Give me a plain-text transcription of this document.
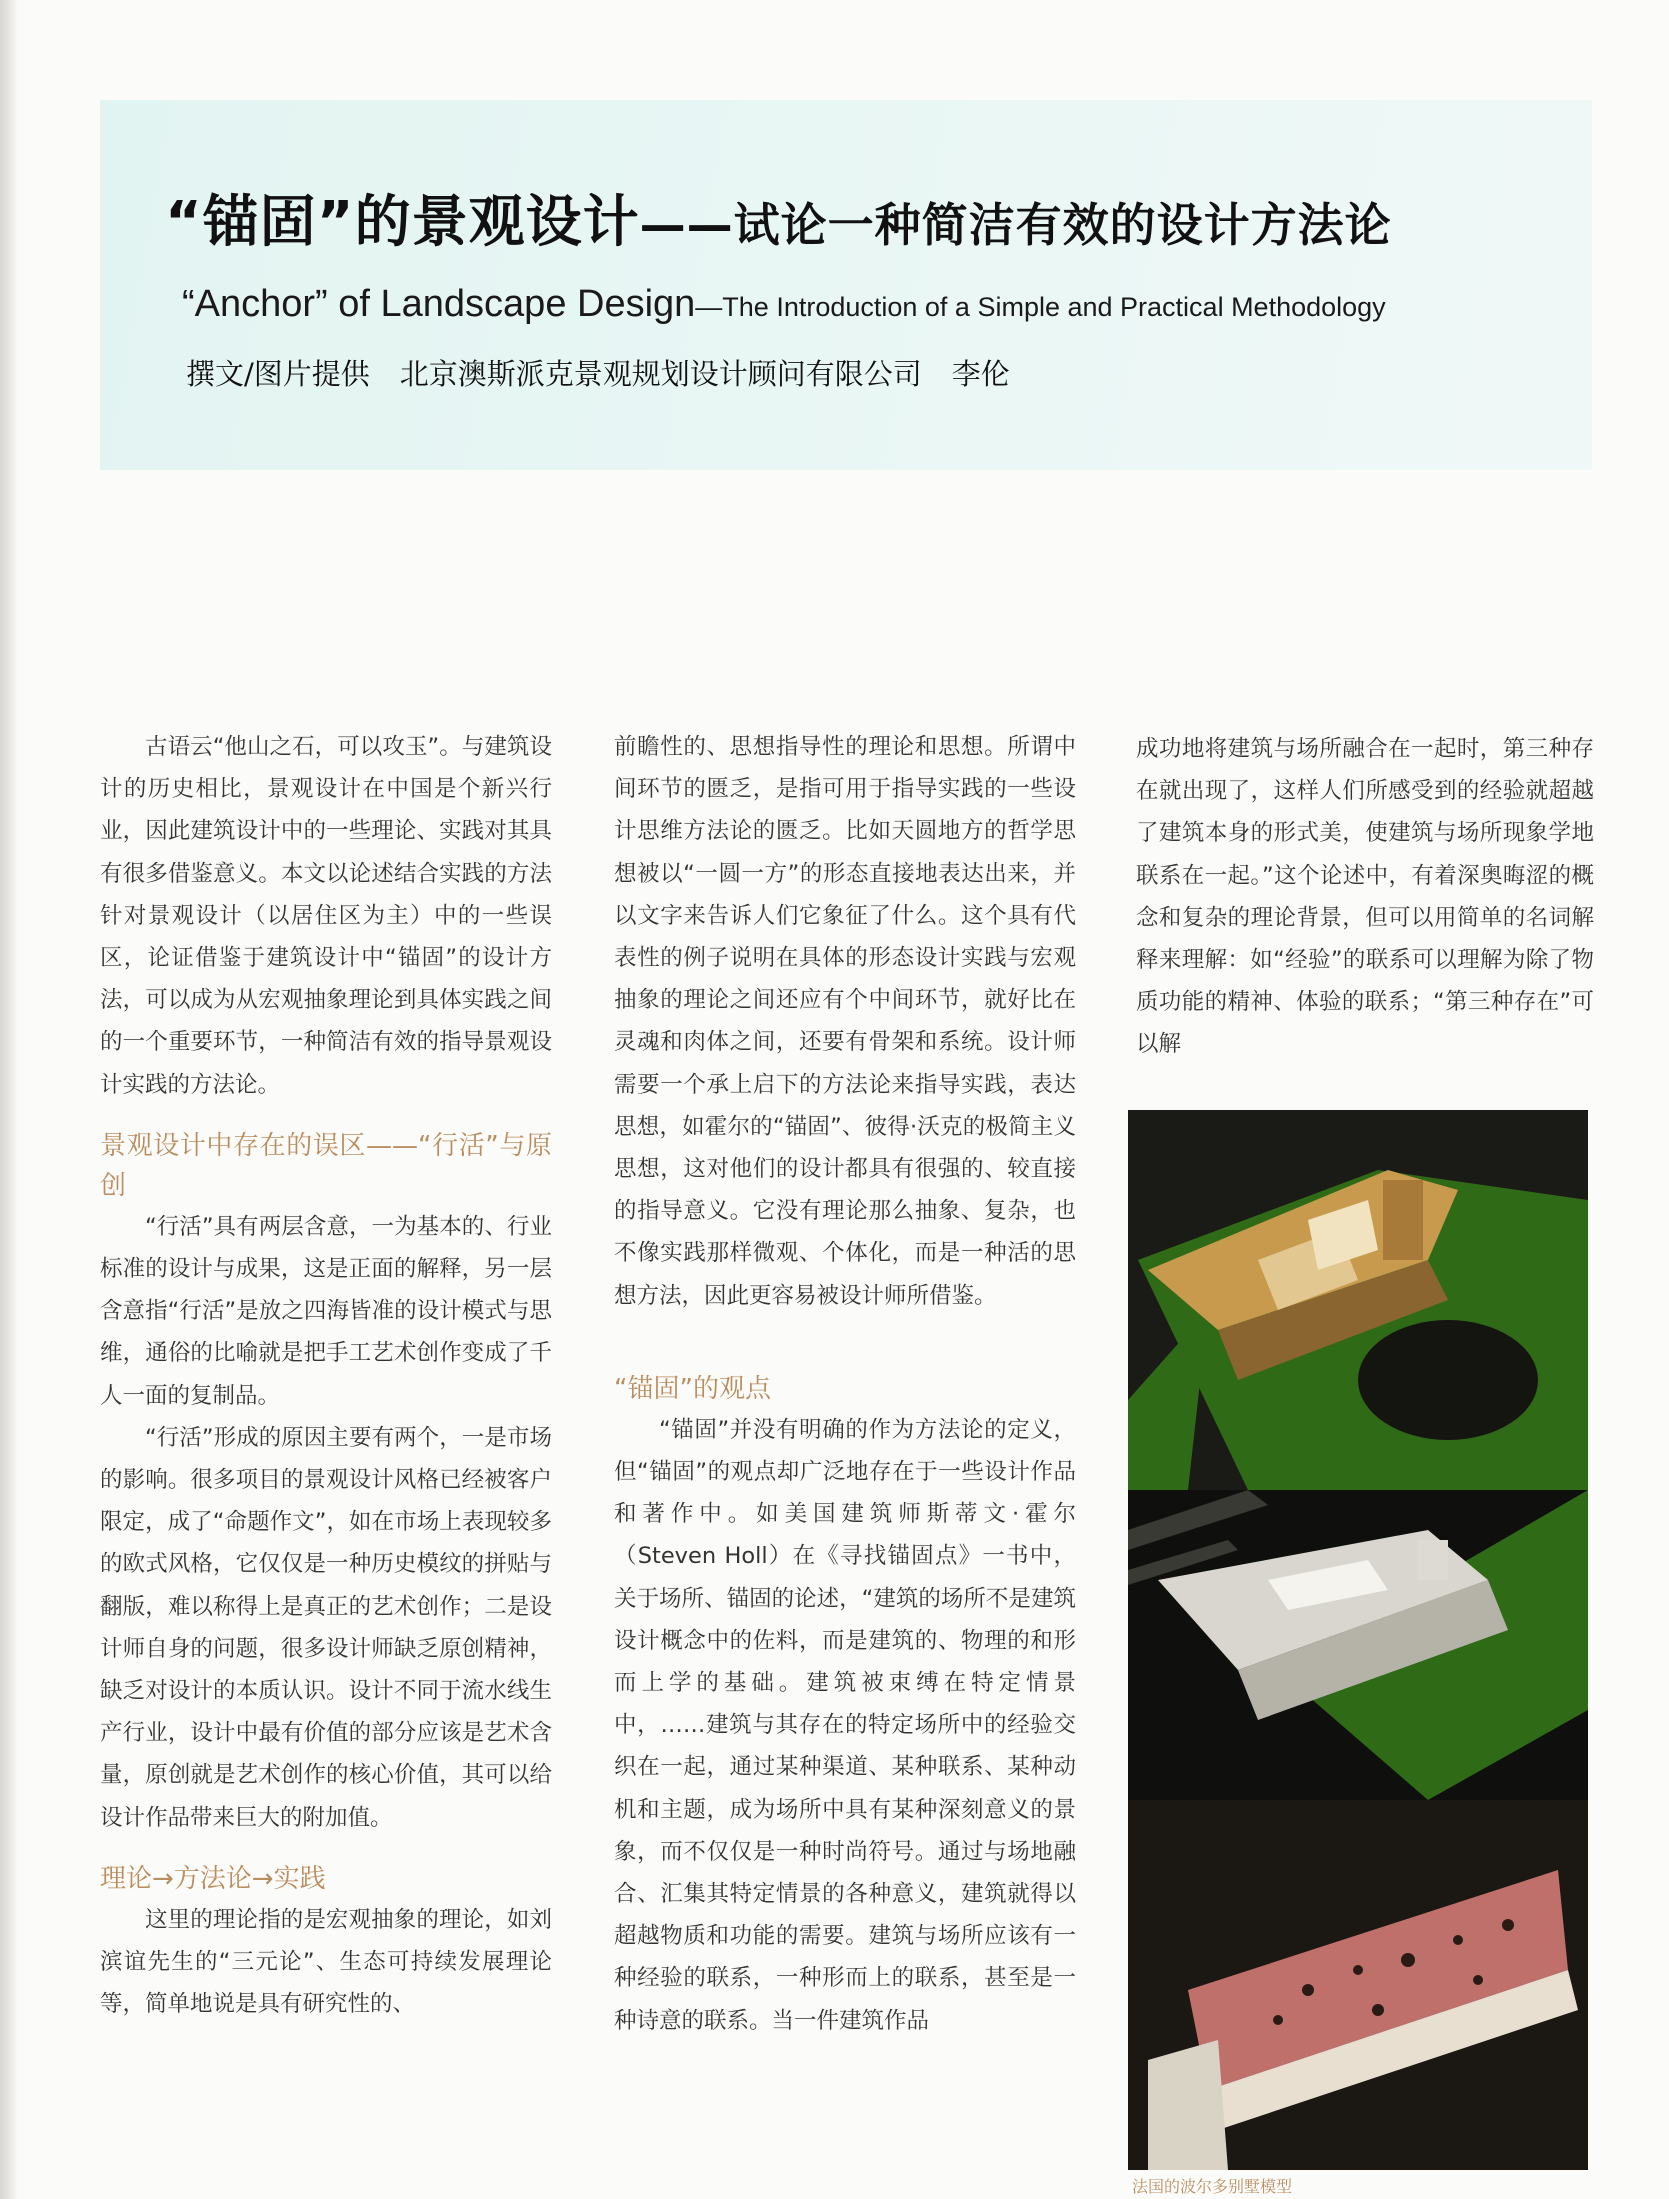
“锚固”的景观设计——试论一种简洁有效的设计方法论
“Anchor” of Landscape Design—The Introduction of a Simple and Practical Methodology
撰文/图片提供 北京澳斯派克景观规划设计顾问有限公司 李伦

古语云“他山之石，可以攻玉”。与建筑设计的历史相比，景观设计在中国是个新兴行业，因此建筑设计中的一些理论、实践对其具有很多借鉴意义。本文以论述结合实践的方法针对景观设计（以居住区为主）中的一些误区，论证借鉴于建筑设计中“锚固”的设计方法，可以成为从宏观抽象理论到具体实践之间的一个重要环节，一种简洁有效的指导景观设计实践的方法论。

景观设计中存在的误区——“行活”与原创

“行活”具有两层含意，一为基本的、行业标准的设计与成果，这是正面的解释，另一层含意指“行活”是放之四海皆准的设计模式与思维，通俗的比喻就是把手工艺术创作变成了千人一面的复制品。

“行活”形成的原因主要有两个，一是市场的影响。很多项目的景观设计风格已经被客户限定，成了“命题作文”，如在市场上表现较多的欧式风格，它仅仅是一种历史模纹的拼贴与翻版，难以称得上是真正的艺术创作；二是设计师自身的问题，很多设计师缺乏原创精神，缺乏对设计的本质认识。设计不同于流水线生产行业，设计中最有价值的部分应该是艺术含量，原创就是艺术创作的核心价值，其可以给设计作品带来巨大的附加值。

理论→方法论→实践

这里的理论指的是宏观抽象的理论，如刘滨谊先生的“三元论”、生态可持续发展理论等，简单地说是具有研究性的、

前瞻性的、思想指导性的理论和思想。所谓中间环节的匮乏，是指可用于指导实践的一些设计思维方法论的匮乏。比如天圆地方的哲学思想被以“一圆一方”的形态直接地表达出来，并以文字来告诉人们它象征了什么。这个具有代表性的例子说明在具体的形态设计实践与宏观抽象的理论之间还应有个中间环节，就好比在灵魂和肉体之间，还要有骨架和系统。设计师需要一个承上启下的方法论来指导实践，表达思想，如霍尔的“锚固”、彼得·沃克的极简主义思想，这对他们的设计都具有很强的、较直接的指导意义。它没有理论那么抽象、复杂，也不像实践那样微观、个体化，而是一种活的思想方法，因此更容易被设计师所借鉴。

“锚固”的观点

“锚固”并没有明确的作为方法论的定义，但“锚固”的观点却广泛地存在于一些设计作品和著作中。如美国建筑师斯蒂文·霍尔（Steven Holl）在《寻找锚固点》一书中，关于场所、锚固的论述，“建筑的场所不是建筑设计概念中的佐料，而是建筑的、物理的和形而上学的基础。建筑被束缚在特定情景中，……建筑与其存在的特定场所中的经验交织在一起，通过某种渠道、某种联系、某种动机和主题，成为场所中具有某种深刻意义的景象，而不仅仅是一种时尚符号。通过与场地融合、汇集其特定情景的各种意义，建筑就得以超越物质和功能的需要。建筑与场所应该有一种经验的联系，一种形而上的联系，甚至是一种诗意的联系。当一件建筑作品

成功地将建筑与场所融合在一起时，第三种存在就出现了，这样人们所感受到的经验就超越了建筑本身的形式美，使建筑与场所现象学地联系在一起。”这个论述中，有着深奥晦涩的概念和复杂的理论背景，但可以用简单的名词解释来理解：如“经验”的联系可以理解为除了物质功能的精神、体验的联系；“第三种存在”可以解

法国的波尔多别墅模型
